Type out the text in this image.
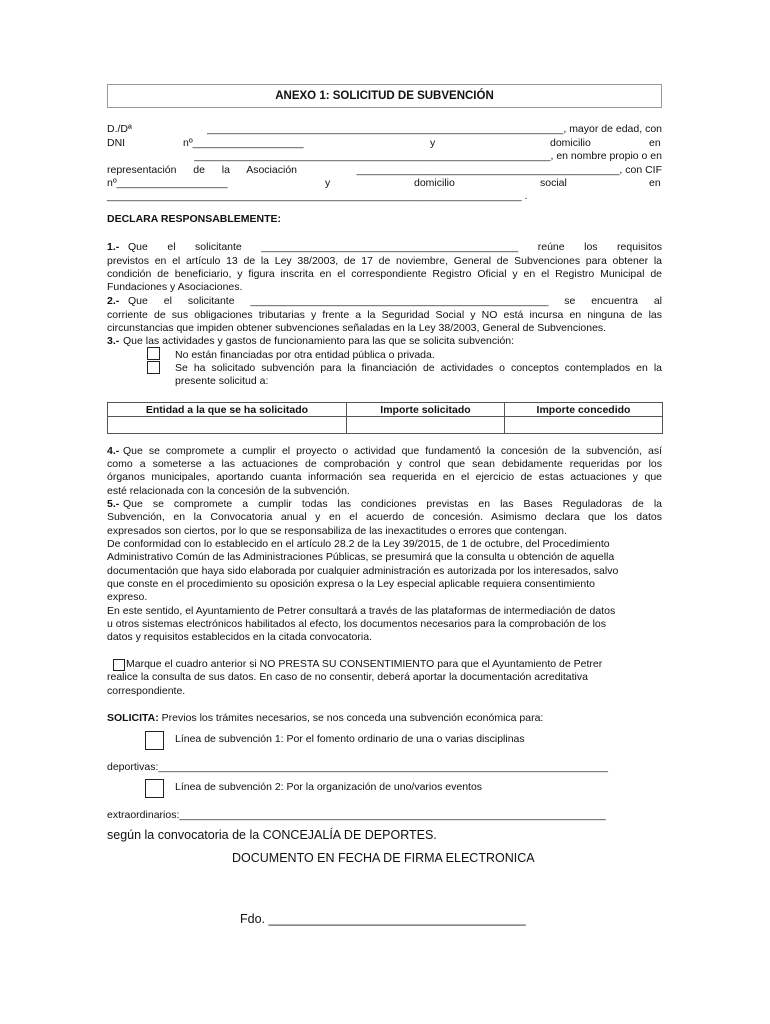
ANEXO 1: SOLICITUD DE SUBVENCIÓN
D./Dª	_____________________________________________________________, mayor de edad, con
DNI	nº___________________	y	domicilio	en
_____________________________________________________________, en nombre propio o en
representación de la Asociación	_____________________________________________, con CIF
nº___________________	y	domicilio	social	en
_______________________________________________________________________ .
DECLARA RESPONSABLEMENTE:
1.- Que el solicitante ____________________________________________ reúne los requisitos
previstos en el artículo 13 de la Ley 38/2003, de 17 de noviembre, General de Subvenciones para obtener la
condición de beneficiario, y figura inscrita en el correspondiente Registro Oficial y en el Registro Municipal de
Fundaciones y Asociaciones.
2.- Que el solicitante ___________________________________________________ se encuentra al
corriente de sus obligaciones tributarias y frente a la Seguridad Social y NO está incursa en ninguna de las
circunstancias que impiden obtener subvenciones señaladas en la Ley 38/2003, General de Subvenciones.
3.- Que las actividades y gastos de funcionamiento para las que se solicita subvención:
No están financiadas por otra entidad pública o privada.
Se ha solicitado subvención para la financiación de actividades o conceptos contemplados en la
presente solicitud a:
Entidad a la que se ha solicitado	Importe solicitado	Importe concedido

4.- Que se compromete a cumplir el proyecto o actividad que fundamentó la concesión de la subvención, así
como a someterse a las actuaciones de comprobación y control que sean debidamente requeridas por los
órganos municipales, aportando cuanta información sea requerida en el ejercicio de estas actuaciones y que
esté relacionada con la concesión de la subvención.
5.- Que se compromete a cumplir todas las condiciones previstas en las Bases Reguladoras de la
Subvención, en la Convocatoria anual y en el acuerdo de concesión. Asimismo declara que los datos
expresados son ciertos, por lo que se responsabiliza de las inexactitudes o errores que contengan.
De conformidad con lo establecido en el artículo 28.2 de la Ley 39/2015, de 1 de octubre, del Procedimiento
Administrativo Común de las Administraciones Públicas, se presumirá que la consulta u obtención de aquella
documentación que haya sido elaborada por cualquier administración es autorizada por los interesados, salvo
que conste en el procedimiento su oposición expresa o la Ley especial aplicable requiera consentimiento
expreso.
En este sentido, el Ayuntamiento de Petrer consultará a través de las plataformas de intermediación de datos
u otros sistemas electrónicos habilitados al efecto, los documentos necesarios para la comprobación de los
datos y requisitos establecidos en la citada convocatoria.
Marque el cuadro anterior si NO PRESTA SU CONSENTIMIENTO para que el Ayuntamiento de Petrer
realice la consulta de sus datos. En caso de no consentir, deberá aportar la documentación acreditativa
correspondiente.
SOLICITA: Previos los trámites necesarios, se nos conceda una subvención económica para:
Línea de subvención 1: Por el fomento ordinario de una o varias disciplinas
deportivas:_____________________________________________________________________________
Línea de subvención 2: Por la organización de uno/varios eventos
extraordinarios:_________________________________________________________________________
según la convocatoria de la CONCEJALÍA DE DEPORTES.
DOCUMENTO EN FECHA DE FIRMA ELECTRONICA
Fdo. _____________________________________
